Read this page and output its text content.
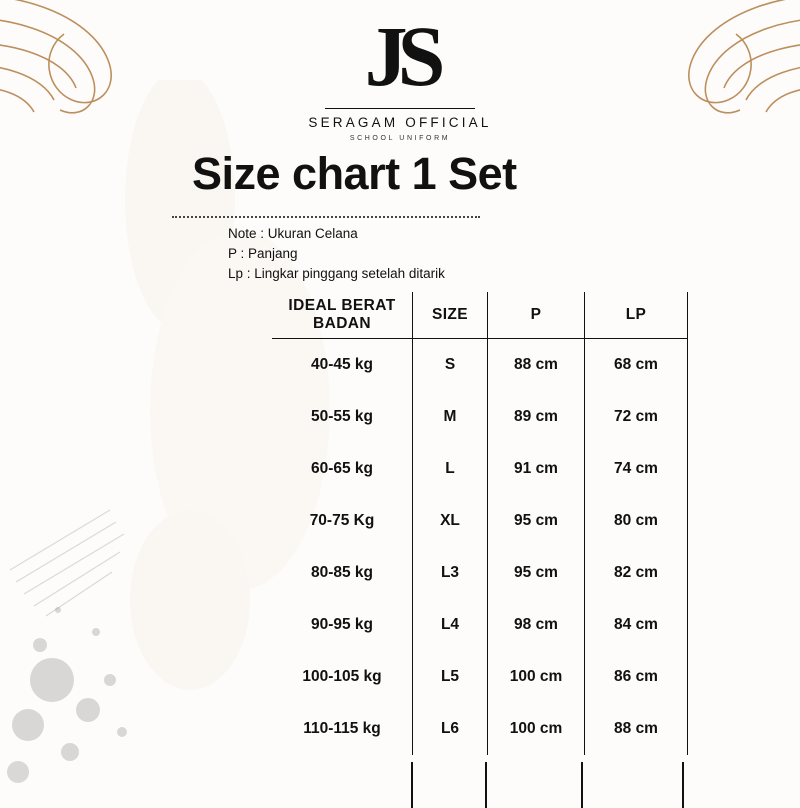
JS
SERAGAM OFFICIAL
SCHOOL UNIFORM
Size chart 1 Set
Note : Ukuran Celana
P : Panjang
Lp : Lingkar pinggang setelah ditarik
IDEAL BERAT
BADAN	SIZE	P	LP
40-45 kg	S	88 cm	68 cm
50-55 kg	M	89 cm	72 cm
60-65 kg	L	91 cm	74 cm
70-75 Kg	XL	95 cm	80 cm
80-85 kg	L3	95 cm	82 cm
90-95 kg	L4	98 cm	84 cm
100-105 kg	L5	100 cm	86 cm
110-115 kg	L6	100 cm	88 cm
